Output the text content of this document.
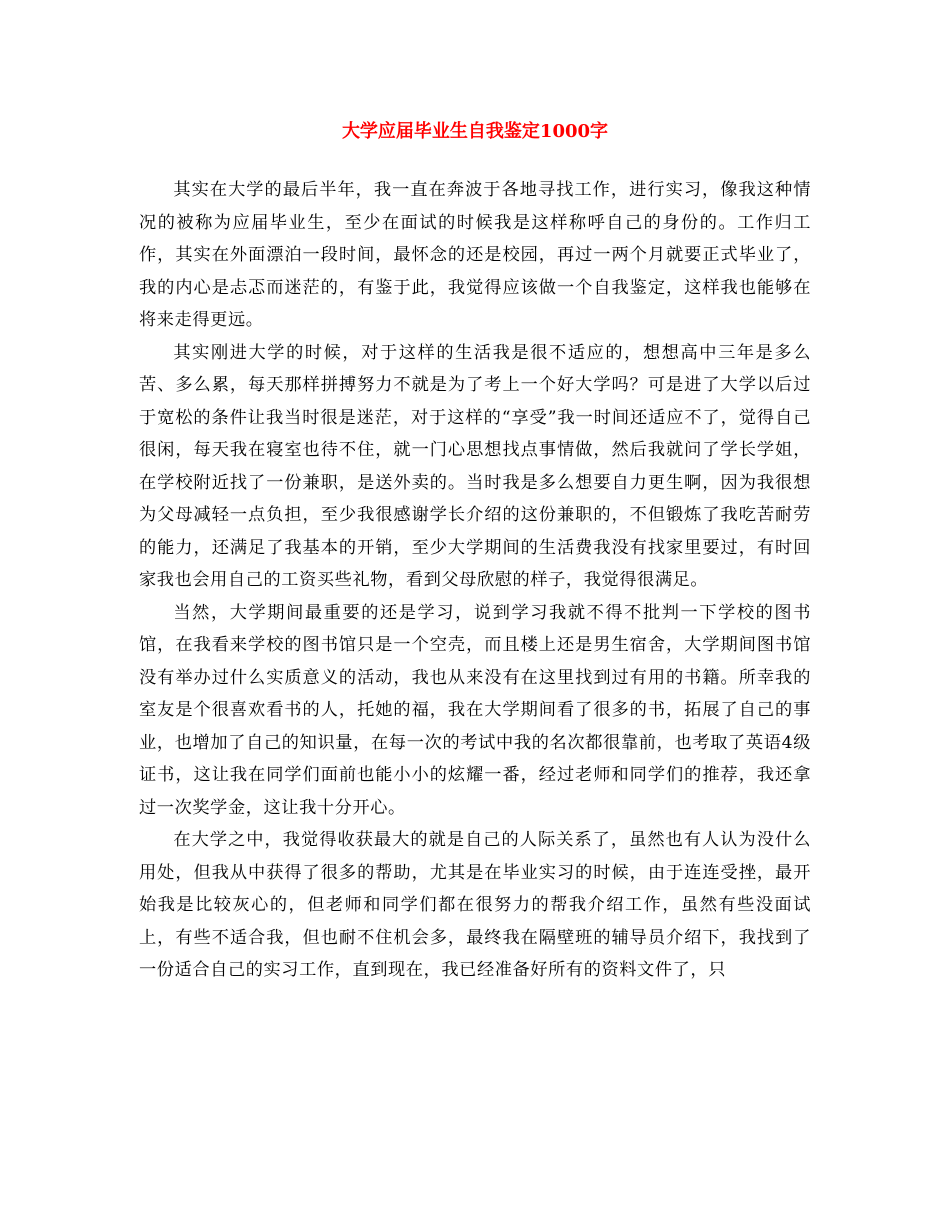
大学应届毕业生自我鉴定1000字

其实在大学的最后半年，我一直在奔波于各地寻找工作，进行实习，像我这种情况的被称为应届毕业生，至少在面试的时候我是这样称呼自己的身份的。工作归工作，其实在外面漂泊一段时间，最怀念的还是校园，再过一两个月就要正式毕业了，我的内心是忐忑而迷茫的，有鉴于此，我觉得应该做一个自我鉴定，这样我也能够在将来走得更远。

其实刚进大学的时候，对于这样的生活我是很不适应的，想想高中三年是多么苦、多么累，每天那样拼搏努力不就是为了考上一个好大学吗？可是进了大学以后过于宽松的条件让我当时很是迷茫，对于这样的“享受”我一时间还适应不了，觉得自己很闲，每天我在寝室也待不住，就一门心思想找点事情做，然后我就问了学长学姐，在学校附近找了一份兼职，是送外卖的。当时我是多么想要自力更生啊，因为我很想为父母减轻一点负担，至少我很感谢学长介绍的这份兼职的，不但锻炼了我吃苦耐劳的能力，还满足了我基本的开销，至少大学期间的生活费我没有找家里要过，有时回家我也会用自己的工资买些礼物，看到父母欣慰的样子，我觉得很满足。

当然，大学期间最重要的还是学习，说到学习我就不得不批判一下学校的图书馆，在我看来学校的图书馆只是一个空壳，而且楼上还是男生宿舍，大学期间图书馆没有举办过什么实质意义的活动，我也从来没有在这里找到过有用的书籍。所幸我的室友是个很喜欢看书的人，托她的福，我在大学期间看了很多的书，拓展了自己的事业，也增加了自己的知识量，在每一次的考试中我的名次都很靠前，也考取了英语4级证书，这让我在同学们面前也能小小的炫耀一番，经过老师和同学们的推荐，我还拿过一次奖学金，这让我十分开心。

在大学之中，我觉得收获最大的就是自己的人际关系了，虽然也有人认为没什么用处，但我从中获得了很多的帮助，尤其是在毕业实习的时候，由于连连受挫，最开始我是比较灰心的，但老师和同学们都在很努力的帮我介绍工作，虽然有些没面试上，有些不适合我，但也耐不住机会多，最终我在隔壁班的辅导员介绍下，我找到了一份适合自己的实习工作，直到现在，我已经准备好所有的资料文件了，只
